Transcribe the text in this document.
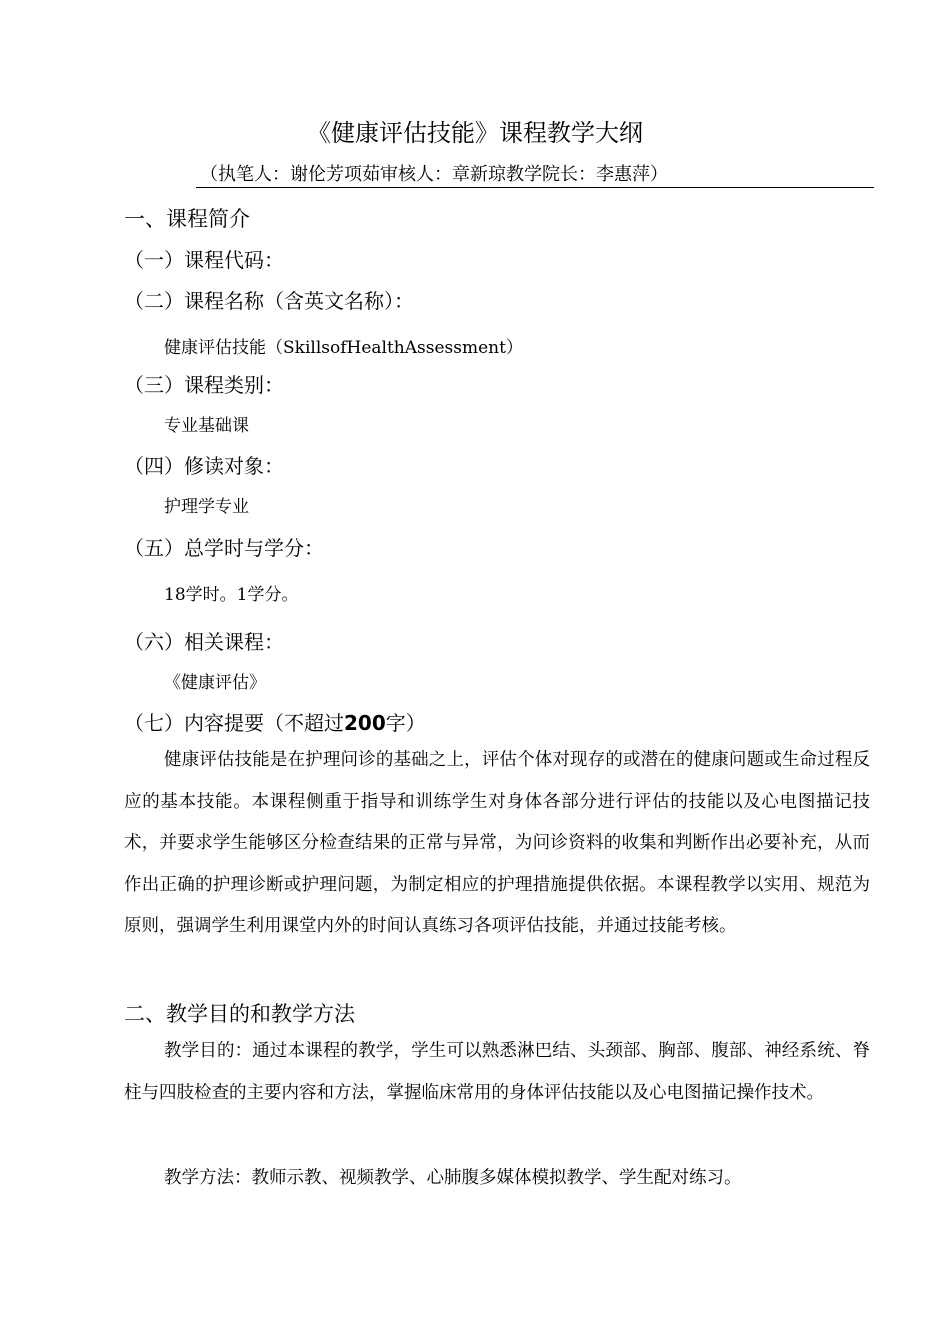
《健康评估技能》课程教学大纲
（执笔人：谢伦芳项茹审核人：章新琼教学院长：李惠萍）
一、课程简介
（一）课程代码：
（二）课程名称（含英文名称）：
健康评估技能（SkillsofHealthAssessment）
（三）课程类别：
专业基础课
（四）修读对象：
护理学专业
（五）总学时与学分：
18学时。1学分。
（六）相关课程：
《健康评估》
（七）内容提要（不超过200字）
健康评估技能是在护理问诊的基础之上，评估个体对现存的或潜在的健康问题或生命过程反应的基本技能。本课程侧重于指导和训练学生对身体各部分进行评估的技能以及心电图描记技术，并要求学生能够区分检查结果的正常与异常，为问诊资料的收集和判断作出必要补充，从而作出正确的护理诊断或护理问题，为制定相应的护理措施提供依据。本课程教学以实用、规范为原则，强调学生利用课堂内外的时间认真练习各项评估技能，并通过技能考核。
二、教学目的和教学方法
教学目的：通过本课程的教学，学生可以熟悉淋巴结、头颈部、胸部、腹部、神经系统、脊柱与四肢检查的主要内容和方法，掌握临床常用的身体评估技能以及心电图描记操作技术。
教学方法：教师示教、视频教学、心肺腹多媒体模拟教学、学生配对练习。
